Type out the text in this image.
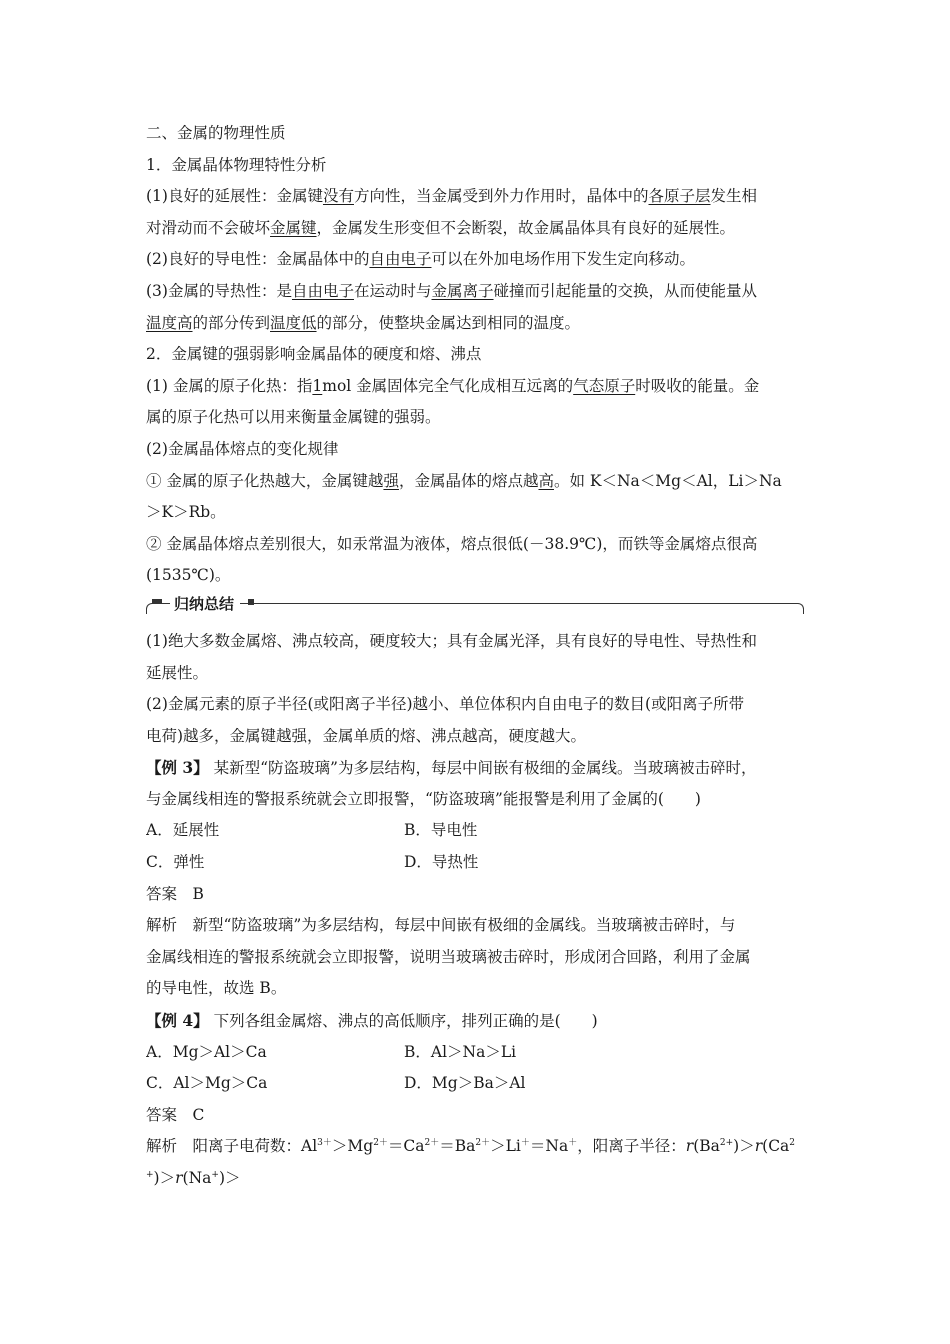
二、金属的物理性质
1．金属晶体物理特性分析
(1)良好的延展性：金属键没有方向性，当金属受到外力作用时，晶体中的各原子层发生相
对滑动而不会破坏金属键，金属发生形变但不会断裂，故金属晶体具有良好的延展性。
(2)良好的导电性：金属晶体中的自由电子可以在外加电场作用下发生定向移动。
(3)金属的导热性：是自由电子在运动时与金属离子碰撞而引起能量的交换，从而使能量从
温度高的部分传到温度低的部分，使整块金属达到相同的温度。
2．金属键的强弱影响金属晶体的硬度和熔、沸点
(1) 金属的原子化热：指1mol 金属固体完全气化成相互远离的气态原子时吸收的能量。金
属的原子化热可以用来衡量金属键的强弱。
(2)金属晶体熔点的变化规律
① 金属的原子化热越大，金属键越强，金属晶体的熔点越高。如 K＜Na＜Mg＜Al，Li＞Na
＞K＞Rb。
② 金属晶体熔点差别很大，如汞常温为液体，熔点很低(－38.9℃)，而铁等金属熔点很高
(1535℃)。
归纳总结
(1)绝大多数金属熔、沸点较高，硬度较大；具有金属光泽，具有良好的导电性、导热性和
延展性。
(2)金属元素的原子半径(或阳离子半径)越小、单位体积内自由电子的数目(或阳离子所带
电荷)越多，金属键越强，金属单质的熔、沸点越高，硬度越大。
【例 3】 某新型“防盗玻璃”为多层结构，每层中间嵌有极细的金属线。当玻璃被击碎时，
与金属线相连的警报系统就会立即报警，“防盗玻璃”能报警是利用了金属的(　　)
A．延展性	B．导电性
C．弹性	D．导热性
答案　B
解析　新型“防盗玻璃”为多层结构，每层中间嵌有极细的金属线。当玻璃被击碎时，与
金属线相连的警报系统就会立即报警，说明当玻璃被击碎时，形成闭合回路，利用了金属
的导电性，故选 B。
【例 4】 下列各组金属熔、沸点的高低顺序，排列正确的是(　　)
A．Mg＞Al＞Ca	B．Al＞Na＞Li
C．Al＞Mg＞Ca	D．Mg＞Ba＞Al
答案　C
解析　阳离子电荷数：$Al^{3+}>Mg^{2+}=Ca^{2+}=Ba^{2+}>Li^+=Na^+$，阳离子半径：$r(Ba^{2+})>r(Ca^2$
+)＞r(Na+)＞
